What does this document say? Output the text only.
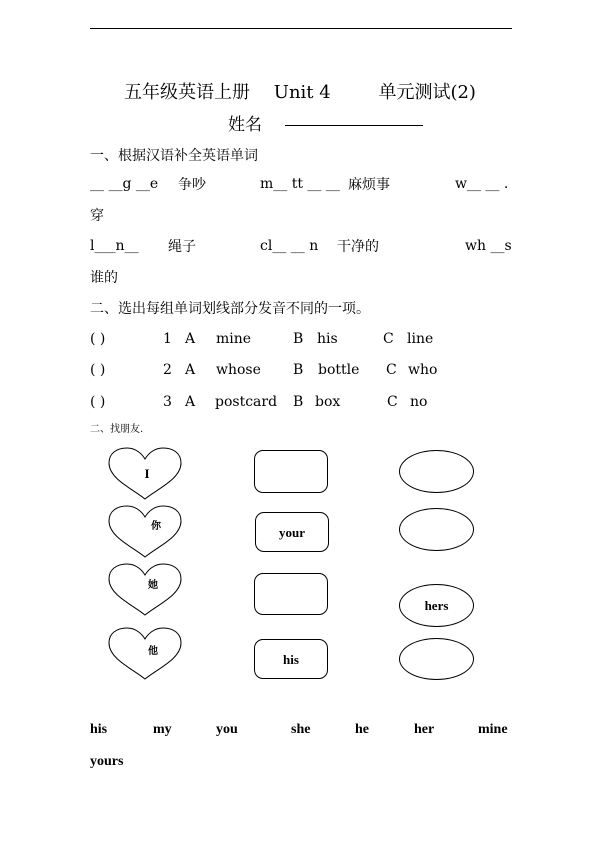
五年级英语上册 Unit 4	单元测试(2)
姓名
一、根据汉语补全英语单词
__ __g __e 争吵	m__ tt __ __ 麻烦事	w__ __ .
穿
l___n__ 绳子	cl__ __ n 干净的	wh __s
谁的
二、选出每组单词划线部分发音不同的一项。
( )	1 A mine	B his	C line
( )	2 A whose B bottle C who
( )	3 A postcard B box	C no
二、找朋友.
I
你
她
他
your
his
hers
his	my	you	she	he	her	mine
yours
